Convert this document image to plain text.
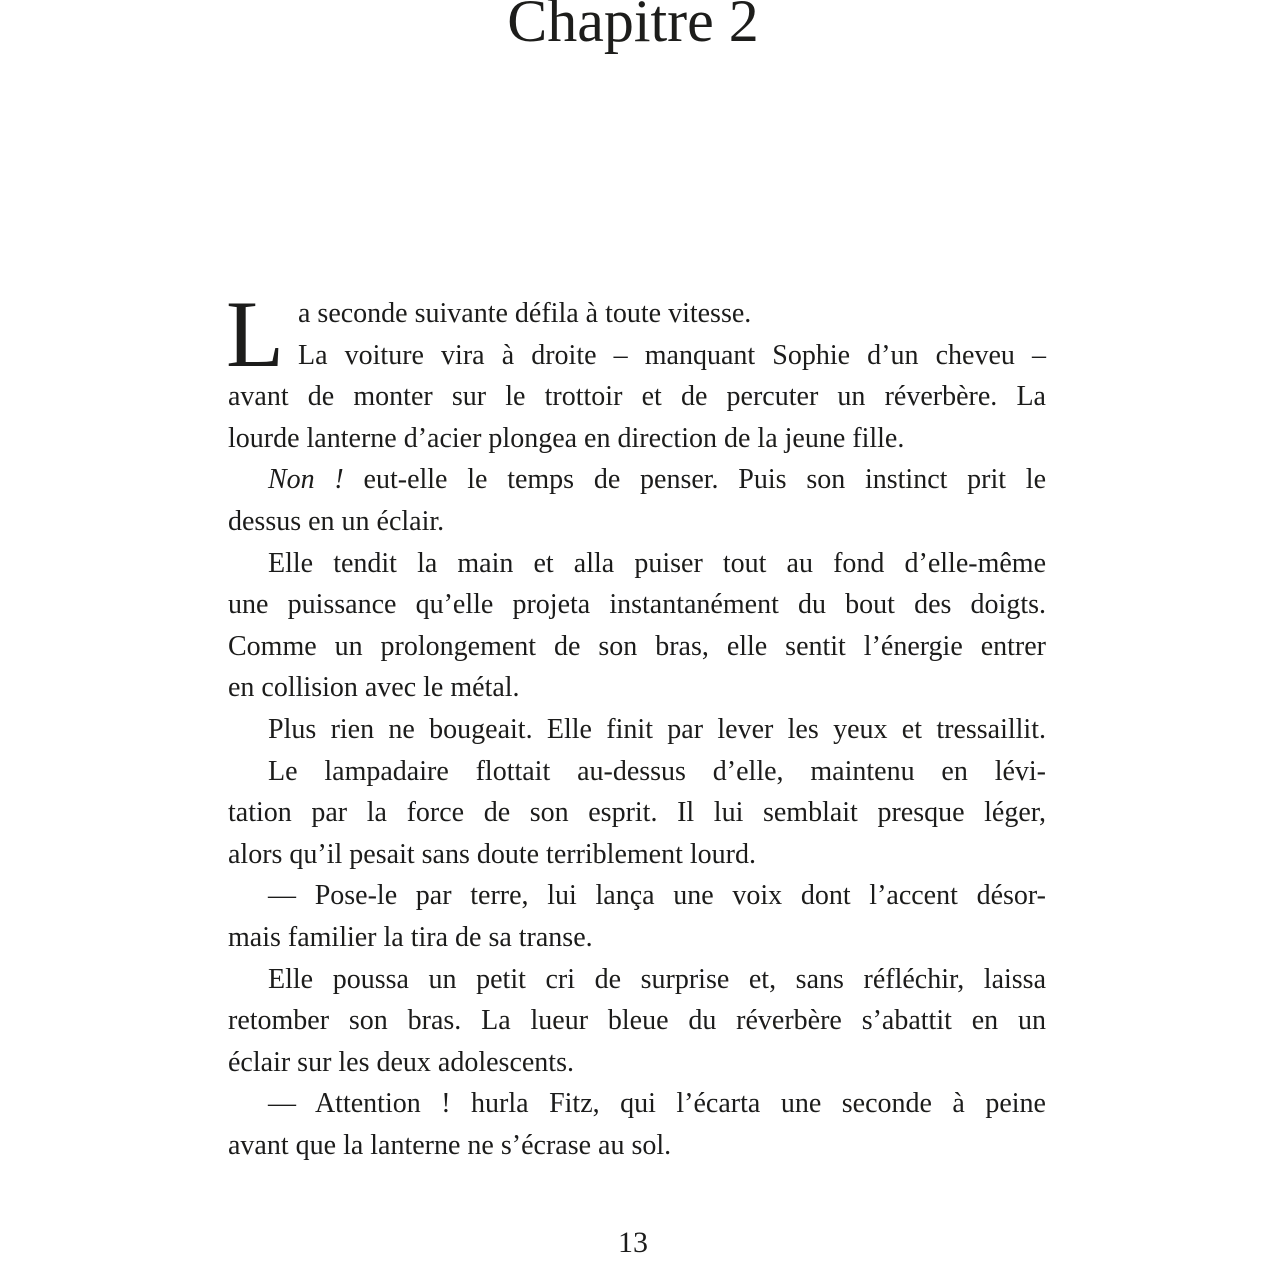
Chapitre 2
L a seconde suivante défila à toute vitesse.

La voiture vira à droite – manquant Sophie d’un cheveu –
avant de monter sur le trottoir et de percuter un réverbère. La
lourde lanterne d’acier plongea en direction de la jeune fille.

Non ! eut-elle le temps de penser. Puis son instinct prit le
dessus en un éclair.

Elle tendit la main et alla puiser tout au fond d’elle-même
une puissance qu’elle projeta instantanément du bout des doigts.
Comme un prolongement de son bras, elle sentit l’énergie entrer
en collision avec le métal.

Plus rien ne bougeait. Elle finit par lever les yeux et tressaillit.

Le lampadaire flottait au-dessus d’elle, maintenu en lévi-
tation par la force de son esprit. Il lui semblait presque léger,
alors qu’il pesait sans doute terriblement lourd.

— Pose-le par terre, lui lança une voix dont l’accent désor-
mais familier la tira de sa transe.

Elle poussa un petit cri de surprise et, sans réfléchir, laissa
retomber son bras. La lueur bleue du réverbère s’abattit en un
éclair sur les deux adolescents.

— Attention ! hurla Fitz, qui l’écarta une seconde à peine
avant que la lanterne ne s’écrase au sol.

13
